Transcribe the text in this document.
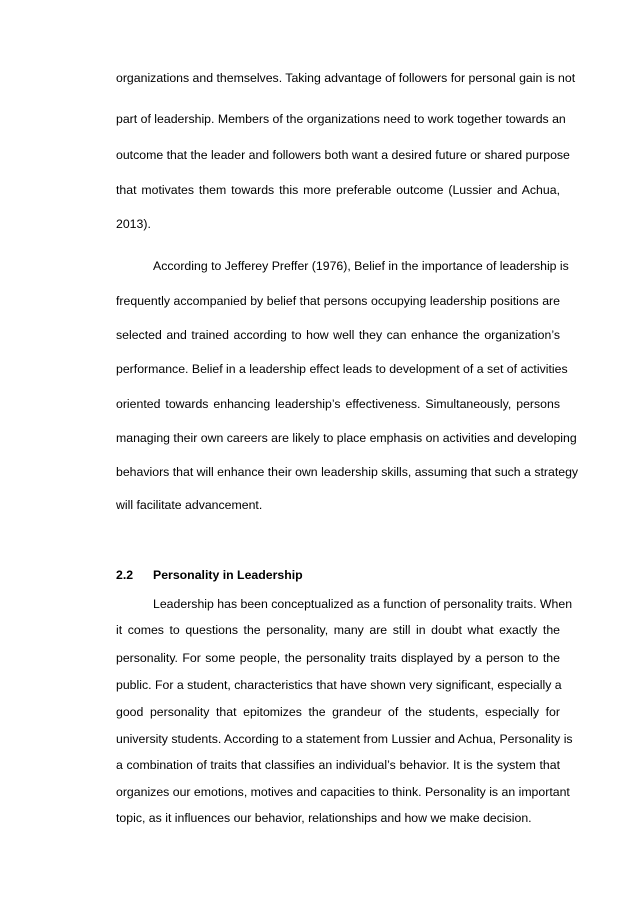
organizations and themselves. Taking advantage of followers for personal gain is not
part of leadership. Members of the organizations need to work together towards an
outcome that the leader and followers both want a desired future or shared purpose
that motivates them towards this more preferable outcome (Lussier and Achua,
2013).
According to Jefferey Preffer (1976), Belief in the importance of leadership is
frequently accompanied by belief that persons occupying leadership positions are
selected and trained according to how well they can enhance the organization’s
performance. Belief in a leadership effect leads to development of a set of activities
oriented towards enhancing leadership’s effectiveness. Simultaneously, persons
managing their own careers are likely to place emphasis on activities and developing
behaviors that will enhance their own leadership skills, assuming that such a strategy
will facilitate advancement.
2.2 Personality in Leadership
Leadership has been conceptualized as a function of personality traits. When
it comes to questions the personality, many are still in doubt what exactly the
personality. For some people, the personality traits displayed by a person to the
public. For a student, characteristics that have shown very significant, especially a
good personality that epitomizes the grandeur of the students, especially for
university students. According to a statement from Lussier and Achua, Personality is
a combination of traits that classifies an individual’s behavior. It is the system that
organizes our emotions, motives and capacities to think. Personality is an important
topic, as it influences our behavior, relationships and how we make decision.
